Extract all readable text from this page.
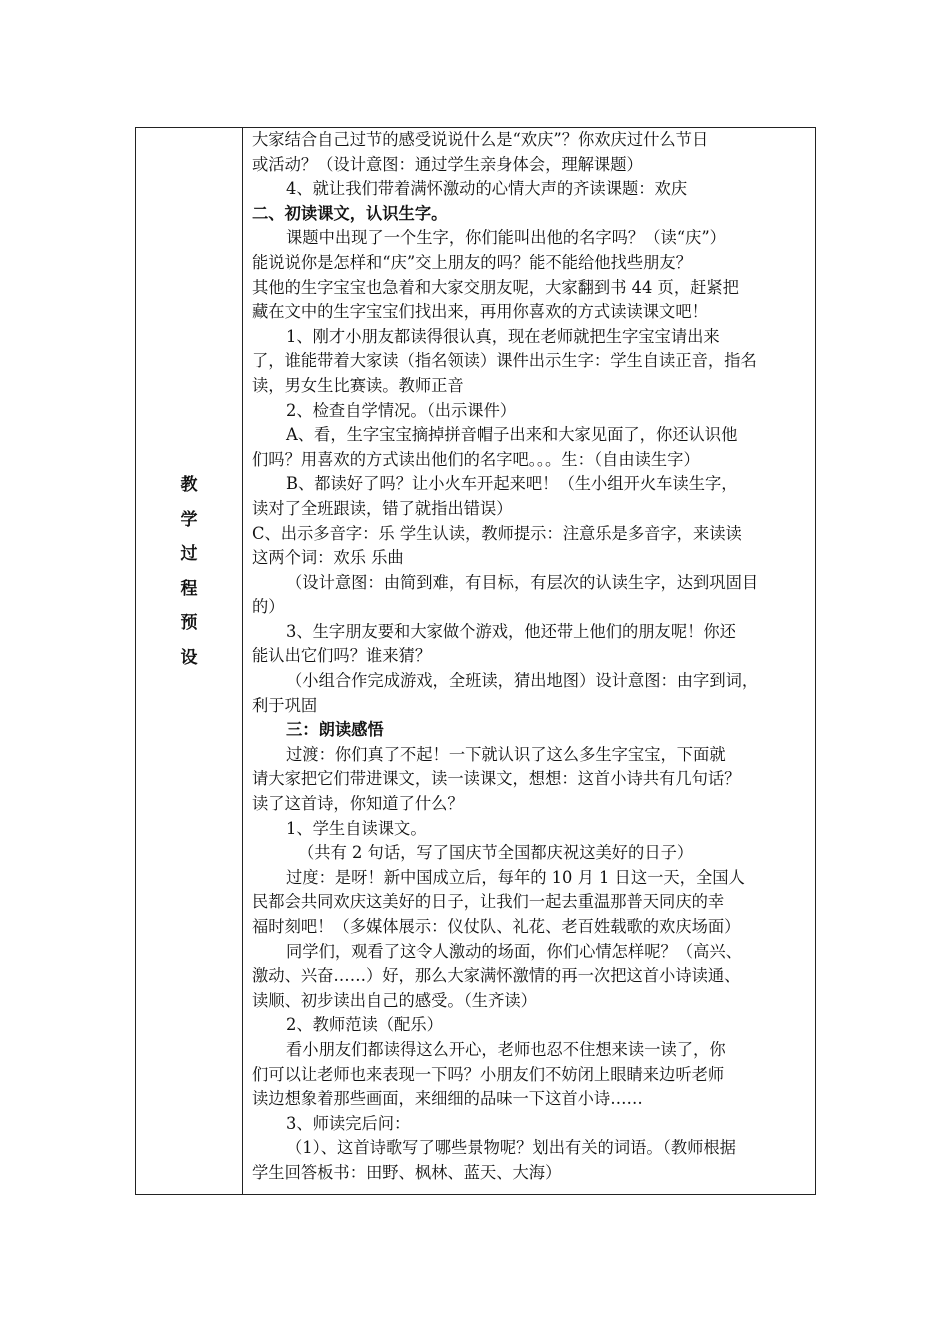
教
学
过
程
预
设

大家结合自己过节的感受说说什么是“欢庆”？你欢庆过什么节日

或活动？（设计意图：通过学生亲身体会，理解课题）

4、就让我们带着满怀激动的心情大声的齐读课题：欢庆

二、初读课文，认识生字。

课题中出现了一个生字，你们能叫出他的名字吗？（读“庆”）

能说说你是怎样和“庆”交上朋友的吗？能不能给他找些朋友？

其他的生字宝宝也急着和大家交朋友呢，大家翻到书 44 页，赶紧把

藏在文中的生字宝宝们找出来，再用你喜欢的方式读读课文吧！

1、刚才小朋友都读得很认真，现在老师就把生字宝宝请出来

了，谁能带着大家读（指名领读）课件出示生字：学生自读正音，指名

读，男女生比赛读。教师正音

2、检查自学情况。（出示课件）

A、看，生字宝宝摘掉拼音帽子出来和大家见面了，你还认识他

们吗？用喜欢的方式读出他们的名字吧。。。生：（自由读生字）

B、都读好了吗？让小火车开起来吧！（生小组开火车读生字，

读对了全班跟读，错了就指出错误）

C、出示多音字：乐 学生认读，教师提示：注意乐是多音字，来读读

这两个词：欢乐 乐曲

（设计意图：由简到难，有目标，有层次的认读生字，达到巩固目

的）

3、生字朋友要和大家做个游戏，他还带上他们的朋友呢！你还

能认出它们吗？谁来猜？

（小组合作完成游戏，全班读，猜出地图）设计意图：由字到词，

利于巩固

三：朗读感悟

过渡：你们真了不起！一下就认识了这么多生字宝宝，下面就

请大家把它们带进课文，读一读课文，想想：这首小诗共有几句话？

读了这首诗，你知道了什么？

1、学生自读课文。

（共有 2 句话，写了国庆节全国都庆祝这美好的日子）

过度：是呀！新中国成立后，每年的 10 月 1 日这一天，全国人

民都会共同欢庆这美好的日子，让我们一起去重温那普天同庆的幸

福时刻吧！（多媒体展示：仪仗队、礼花、老百姓载歌的欢庆场面）

同学们，观看了这令人激动的场面，你们心情怎样呢？（高兴、

激动、兴奋……）好，那么大家满怀激情的再一次把这首小诗读通、

读顺、初步读出自己的感受。（生齐读）

2、教师范读（配乐）

看小朋友们都读得这么开心，老师也忍不住想来读一读了，你

们可以让老师也来表现一下吗？小朋友们不妨闭上眼睛来边听老师

读边想象着那些画面，来细细的品味一下这首小诗……

3、师读完后问：

（1）、这首诗歌写了哪些景物呢？划出有关的词语。（教师根据

学生回答板书：田野、枫林、蓝天、大海）
